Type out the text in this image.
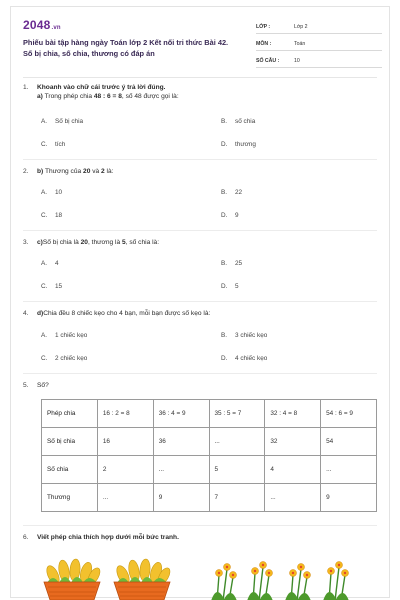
2048.vn
Phiếu bài tập hàng ngày Toán lớp 2 Kết nối tri thức Bài 42.
Số bị chia, số chia, thương có đáp án
LỚP :	Lớp 2
MÔN :	Toán
SỐ CÂU :	10
1. Khoanh vào chữ cái trước ý trả lời đúng.
a) Trong phép chia 48 : 6 = 8, số 48 được gọi là:
A. Số bị chia	B. số chia
C. tích	D. thương
2. b) Thương của 20 và 2 là:
A. 10	B. 22
C. 18	D. 9
3. c)Số bị chia là 20, thương là 5, số chia là:
A. 4	B. 25
C. 15	D. 5
4. d)Chia đều 8 chiếc kẹo cho 4 bạn, mỗi bạn được số kẹo là:
A. 1 chiếc kẹo	B. 3 chiếc kẹo
C. 2 chiếc kẹo	D. 4 chiếc kẹo
5. Số?
Phép chia	16 : 2 = 8	36 : 4 = 9	35 : 5 = 7	32 : 4 = 8	54 : 6 = 9
Số bị chia	16	36	...	32	54
Số chia	2	...	5	4	...
Thương	...	9	7	...	9
6. Viết phép chia thích hợp dưới mỗi bức tranh.
